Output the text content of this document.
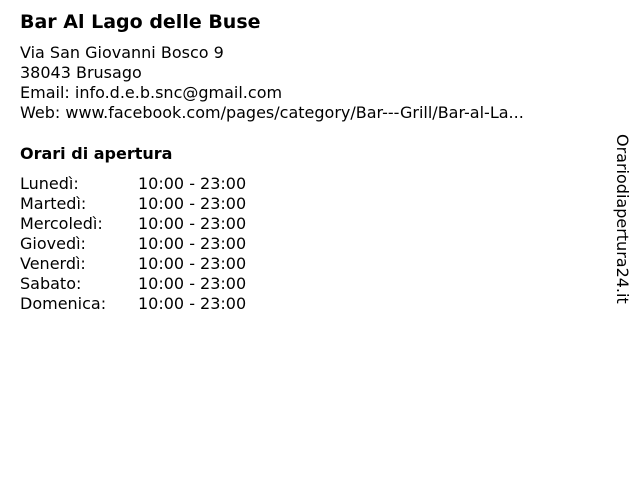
Bar Al Lago delle Buse
Via San Giovanni Bosco 9
38043 Brusago
Email: info.d.e.b.snc@gmail.com
Web: www.facebook.com/pages/category/Bar---Grill/Bar-al-La...
Orari di apertura
Lunedì:	10:00 - 23:00
Martedì:	10:00 - 23:00
Mercoledì: 10:00 - 23:00
Giovedì:	10:00 - 23:00
Venerdì:	10:00 - 23:00
Sabato:	10:00 - 23:00
Domenica: 10:00 - 23:00	Orariodiapertura24.it
